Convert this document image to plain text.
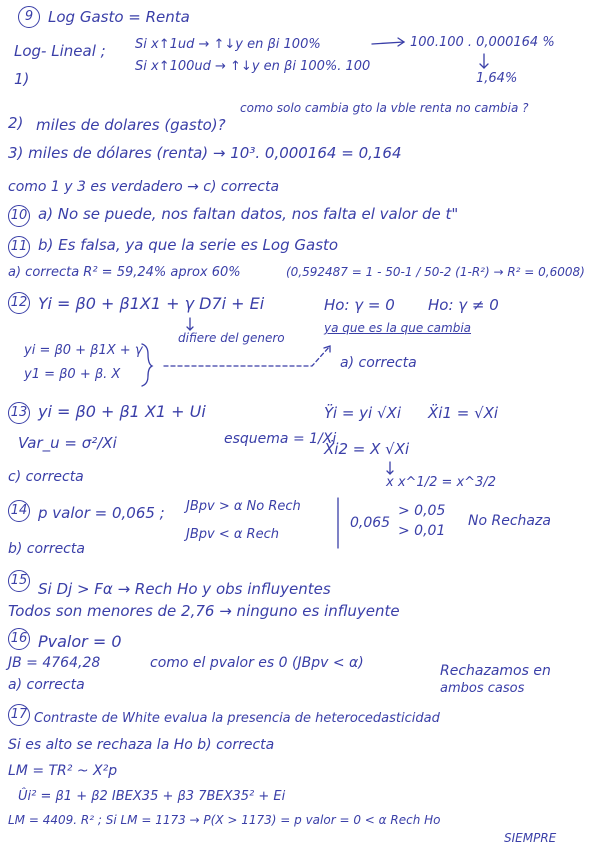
9 Log Gasto = Renta
Log- Lineal ; Si x↑1ud → ↑↓y en βi 100%	100.100 . 0,000164 %
1)
Si x↑100ud → ↑↓y en βi 100%. 100
1,64%
2) miles de dolares (gasto)?
como solo cambia gto la vble renta no cambia ?
3) miles de dólares (renta) → 10³. 0,000164 = 0,164
como 1 y 3 es verdadero → c) correcta
10 a) No se puede, nos faltan datos, nos falta el valor de t"
11 b) Es falsa, ya que la serie es Log Gasto
a) correcta R² = 59,24% aprox 60%	(0,592487 = 1 - 50-1 / 50-2 (1-R²) → R² = 0,6008)
12 Yi = β0 + β1X1 + γ D7i + Ei
difiere del genero
Ho: γ = 0 Ho: γ ≠ 0
ya que es la que cambia
yi = β0 + β1X + γ
y1 = β0 + β. X
a) correcta
13 yi = β0 + β1 X1 + Ui
Var_u = σ²/Xi	esquema = 1/Xi
Ÿi = yi √Xi Ẍi1 = √Xi
Ẍi2 = X √Xi
x x^1/2 = x^3/2
c) correcta
14 p valor = 0,065 ; JBpv > α No Rech
JBpv < α Rech
0,065
> 0,05
> 0,01
No Rechaza
b) correcta
15 Si Dj > Fα → Rech Ho y obs influyentes
Todos son menores de 2,76 → ninguno es influyente
16 Pvalor = 0
JB = 4764,28	como el pvalor es 0 (JBpv < α)	Rechazamos en
ambos casos
a) correcta
17 Contraste de White evalua la presencia de heterocedasticidad
Si es alto se rechaza la Ho b) correcta
LM = TR² ~ X²p
Ûi² = β1 + β2 IBEX35 + β3 7BEX35² + Ei
LM = 4409. R² ; Si LM = 1173 → P(X > 1173) = p valor = 0 < α Rech Ho
SIEMPRE
